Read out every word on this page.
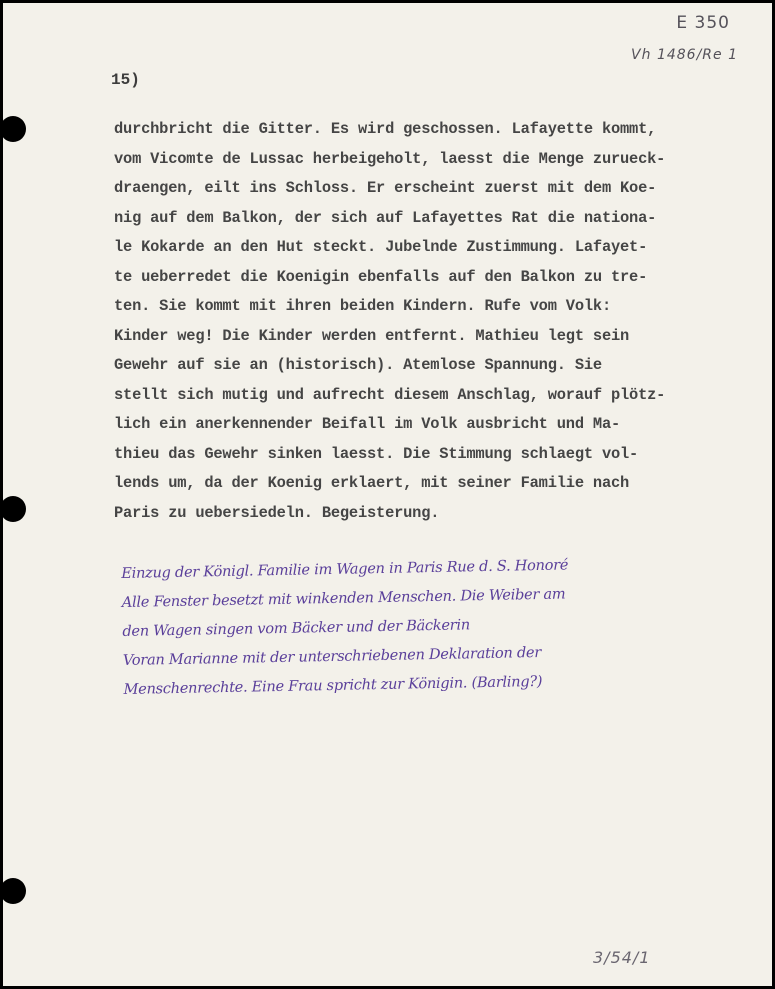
E 350
Vh 1486/Re 1
15)
durchbricht die Gitter. Es wird geschossen. Lafayette kommt,
vom Vicomte de Lussac herbeigeholt, laesst die Menge zurueck-
draengen, eilt ins Schloss. Er erscheint zuerst mit dem Koe-
nig auf dem Balkon, der sich auf Lafayettes Rat die nationa-
le Kokarde an den Hut steckt. Jubelnde Zustimmung. Lafayet-
te ueberredet die Koenigin ebenfalls auf den Balkon zu tre-
ten. Sie kommt mit ihren beiden Kindern. Rufe vom Volk:
Kinder weg! Die Kinder werden entfernt. Mathieu legt sein
Gewehr auf sie an (historisch). Atemlose Spannung. Sie
stellt sich mutig und aufrecht diesem Anschlag, worauf plötz-
lich ein anerkennender Beifall im Volk ausbricht und Ma-
thieu das Gewehr sinken laesst. Die Stimmung schlaegt vol-
lends um, da der Koenig erklaert, mit seiner Familie nach
Paris zu uebersiedeln. Begeisterung.
Einzug der Königl. Familie im Wagen in Paris Rue d. S. Honoré
Alle Fenster besetzt mit winkenden Menschen. Die Weiber am
den Wagen singen vom Bäcker und der Bäckerin
Voran Marianne mit der unterschriebenen Deklaration der
Menschenrechte. Eine Frau spricht zur Königin. (Barling?)
3/54/1
